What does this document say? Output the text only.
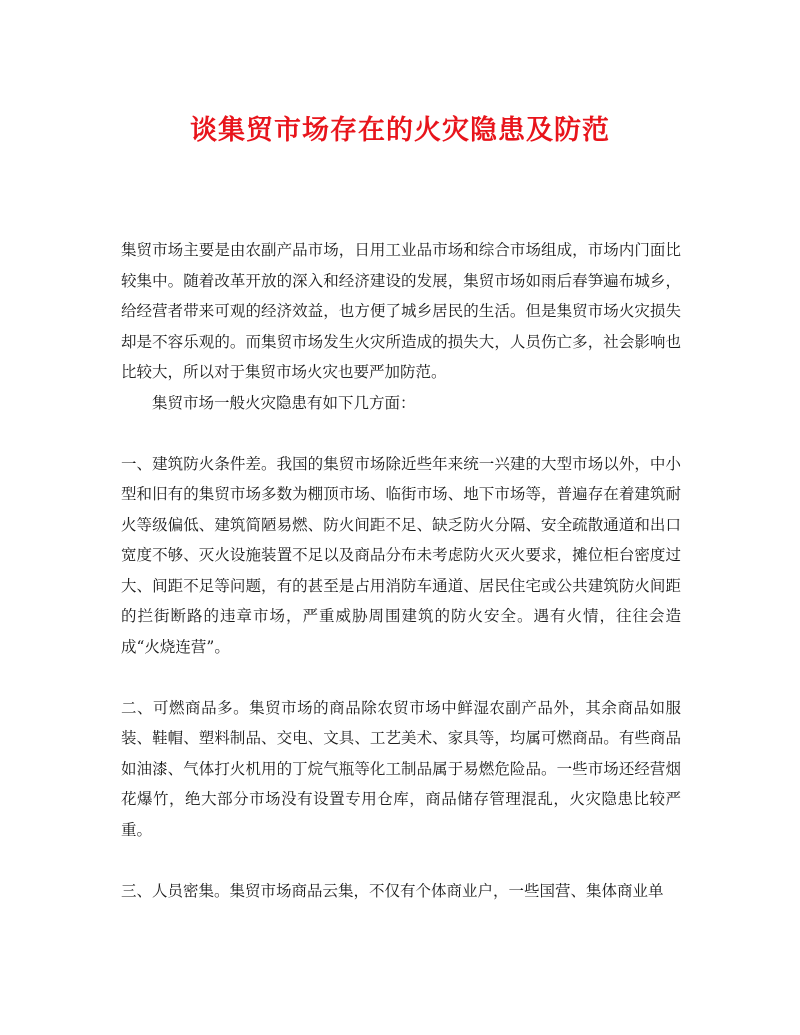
谈集贸市场存在的火灾隐患及防范

集贸市场主要是由农副产品市场，日用工业品市场和综合市场组成，市场内门面比较集中。随着改革开放的深入和经济建设的发展，集贸市场如雨后春笋遍布城乡，给经营者带来可观的经济效益，也方便了城乡居民的生活。但是集贸市场火灾损失却是不容乐观的。而集贸市场发生火灾所造成的损失大，人员伤亡多，社会影响也比较大，所以对于集贸市场火灾也要严加防范。

集贸市场一般火灾隐患有如下几方面：

一、建筑防火条件差。我国的集贸市场除近些年来统一兴建的大型市场以外，中小型和旧有的集贸市场多数为棚顶市场、临街市场、地下市场等，普遍存在着建筑耐火等级偏低、建筑简陋易燃、防火间距不足、缺乏防火分隔、安全疏散通道和出口宽度不够、灭火设施装置不足以及商品分布未考虑防火灭火要求，摊位柜台密度过大、间距不足等问题，有的甚至是占用消防车通道、居民住宅或公共建筑防火间距的拦街断路的违章市场，严重威胁周围建筑的防火安全。遇有火情，往往会造成“火烧连营”。

二、可燃商品多。集贸市场的商品除农贸市场中鲜湿农副产品外，其余商品如服装、鞋帽、塑料制品、交电、文具、工艺美术、家具等，均属可燃商品。有些商品如油漆、气体打火机用的丁烷气瓶等化工制品属于易燃危险品。一些市场还经营烟花爆竹，绝大部分市场没有设置专用仓库，商品储存管理混乱，火灾隐患比较严重。

三、人员密集。集贸市场商品云集，不仅有个体商业户，一些国营、集体商业单
